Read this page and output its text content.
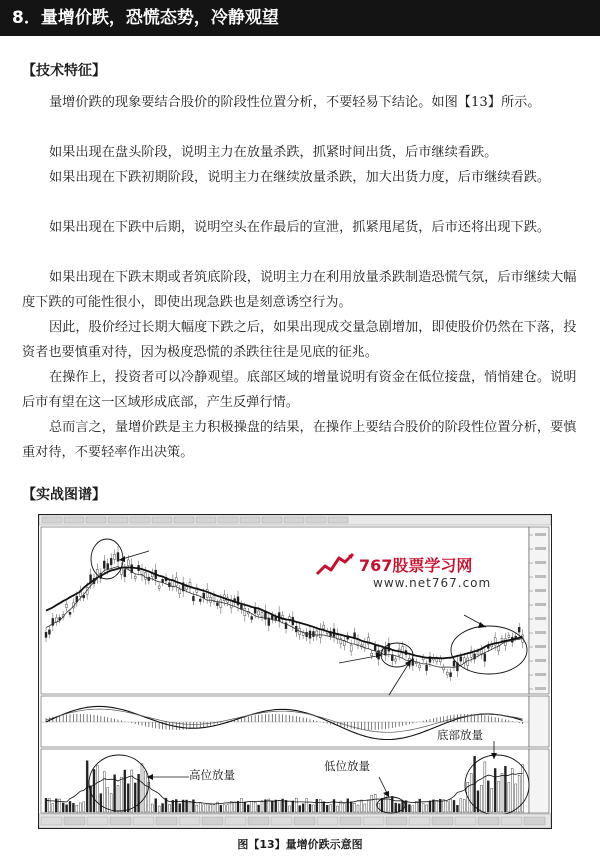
8．量增价跌，恐慌态势，冷静观望
【技术特征】
量增价跌的现象要结合股价的阶段性位置分析，不要轻易下结论。如图【13】所示。
如果出现在盘头阶段，说明主力在放量杀跌，抓紧时间出货，后市继续看跌。
如果出现在下跌初期阶段，说明主力在继续放量杀跌，加大出货力度，后市继续看跌。
如果出现在下跌中后期，说明空头在作最后的宣泄，抓紧甩尾货，后市还将出现下跌。
如果出现在下跌末期或者筑底阶段，说明主力在利用放量杀跌制造恐慌气氛，后市继续大幅度下跌的可能性很小，即使出现急跌也是刻意诱空行为。
因此，股价经过长期大幅度下跌之后，如果出现成交量急剧增加，即使股价仍然在下落，投资者也要慎重对待，因为极度恐慌的杀跌往往是见底的征兆。
在操作上，投资者可以冷静观望。底部区域的增量说明有资金在低位接盘，悄悄建仓。说明后市有望在这一区域形成底部，产生反弹行情。
总而言之，量增价跌是主力积极操盘的结果，在操作上要结合股价的阶段性位置分析，要慎重对待，不要轻率作出决策。
【实战图谱】
767股票学习网
www.net767.com
高位放量
低位放量
底部放量
图【13】量增价跌示意图
